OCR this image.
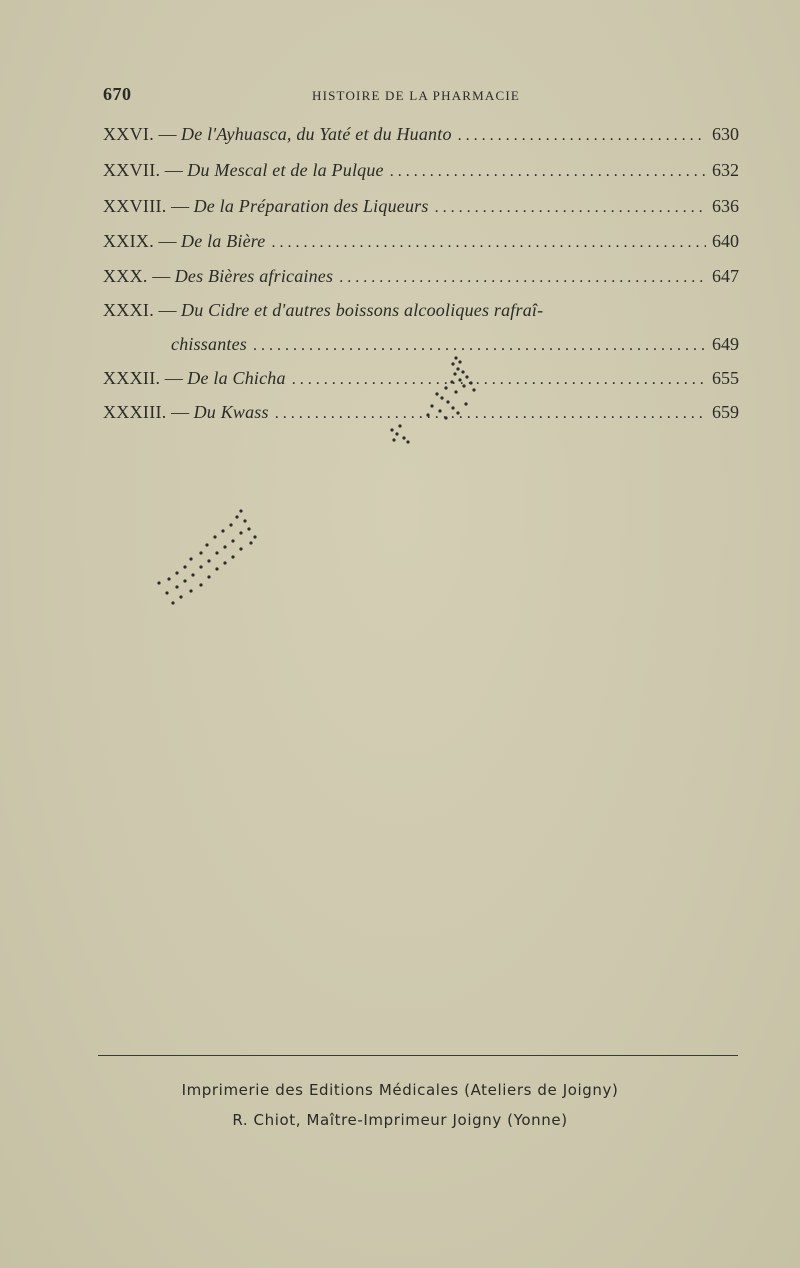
670	HISTOIRE DE LA PHARMACIE
XXVI. — De l'Ayhuasca, du Yaté et du Huanto . . .	630
XXVII. — Du Mescal et de la Pulque . . .	632
XXVIII. — De la Préparation des Liqueurs . . .	636
XXIX. — De la Bière . . .	640
XXX. — Des Bières africaines . . .	647
XXXI. — Du Cidre et d'autres boissons alcooliques rafraî-
chissantes . . .	649
XXXII. — De la Chicha . . .	655
XXXIII. — Du Kwass . . .	659
Imprimerie des Editions Médicales (Ateliers de Joigny)
R. Chiot, Maître-Imprimeur Joigny (Yonne)
